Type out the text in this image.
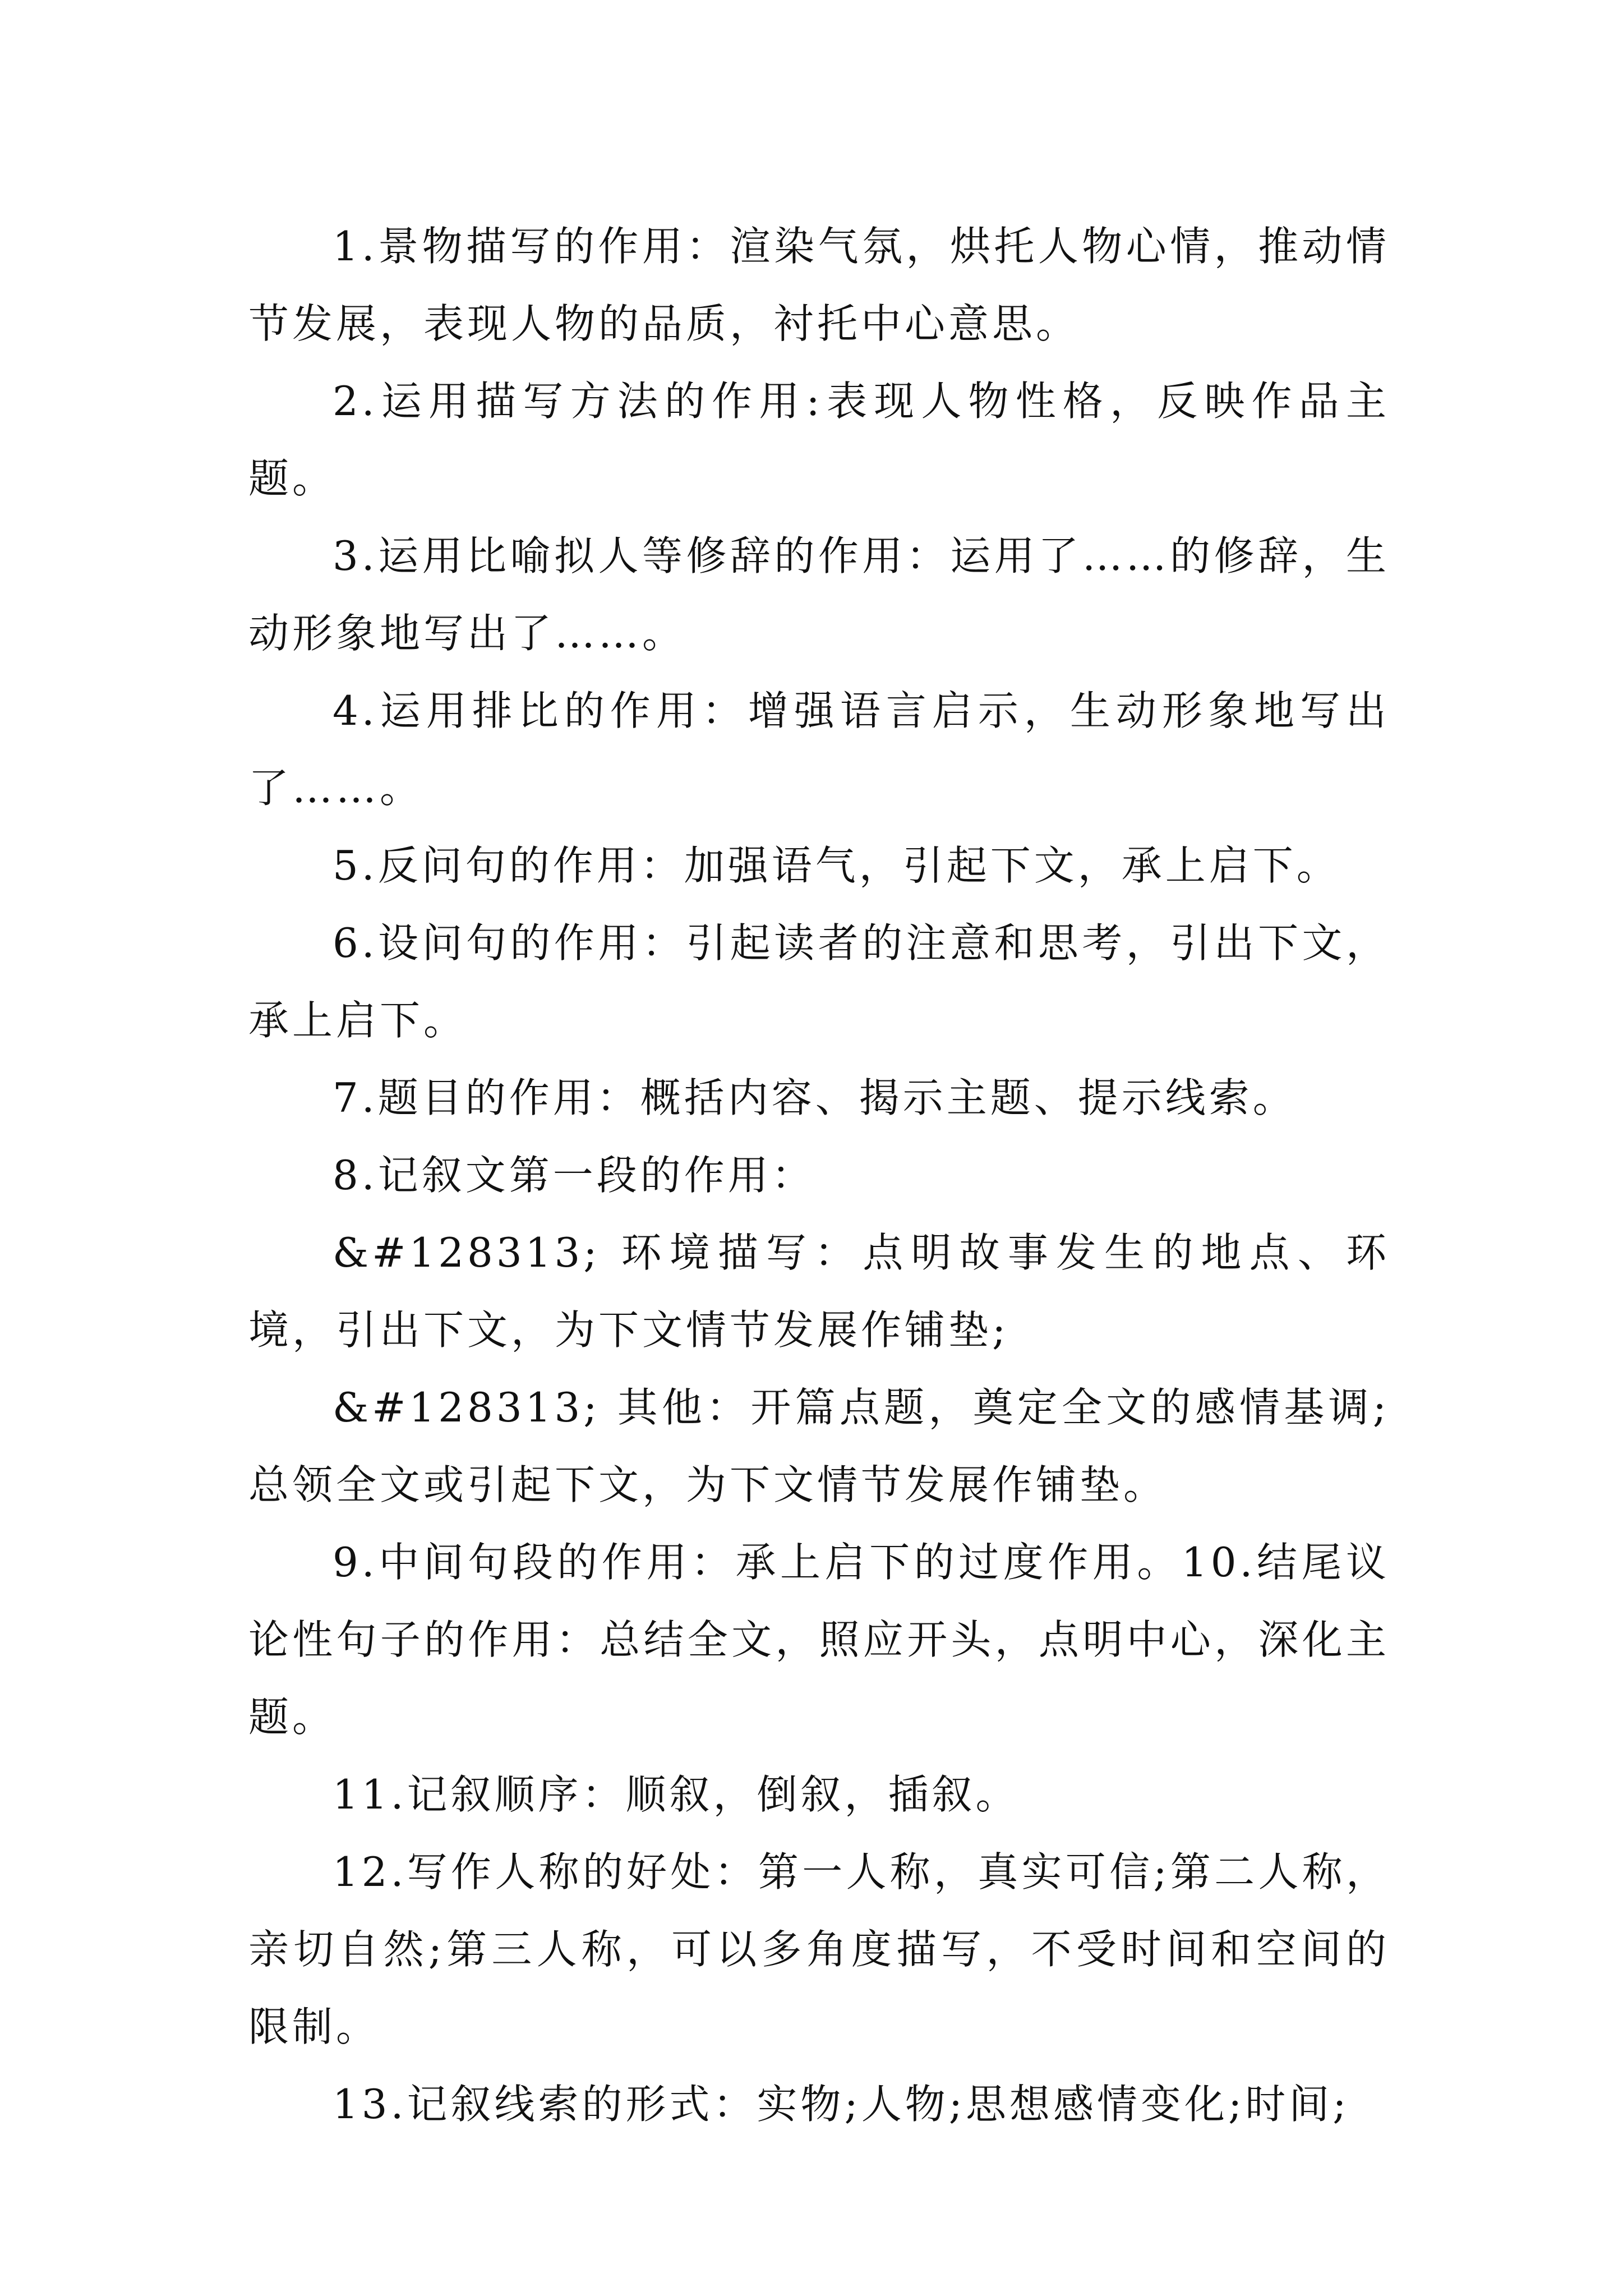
1.景物描写的作用：渲染气氛，烘托人物心情，推动情节发展，表现人物的品质，衬托中心意思。

2.运用描写方法的作用:表现人物性格，反映作品主题。

3.运用比喻拟人等修辞的作用：运用了……的修辞，生动形象地写出了……。

4.运用排比的作用：增强语言启示，生动形象地写出了……。

5.反问句的作用：加强语气，引起下文，承上启下。

6.设问句的作用：引起读者的注意和思考，引出下文，承上启下。

7.题目的作用：概括内容、揭示主题、提示线索。

8.记叙文第一段的作用：

&#128313; 环境描写：点明故事发生的地点、环境，引出下文，为下文情节发展作铺垫;

&#128313; 其他：开篇点题，奠定全文的感情基调;总领全文或引起下文，为下文情节发展作铺垫。

9.中间句段的作用：承上启下的过度作用。10.结尾议论性句子的作用：总结全文，照应开头，点明中心，深化主题。

11.记叙顺序：顺叙，倒叙，插叙。

12.写作人称的好处：第一人称，真实可信;第二人称，亲切自然;第三人称，可以多角度描写，不受时间和空间的限制。

13.记叙线索的形式：实物;人物;思想感情变化;时间;
